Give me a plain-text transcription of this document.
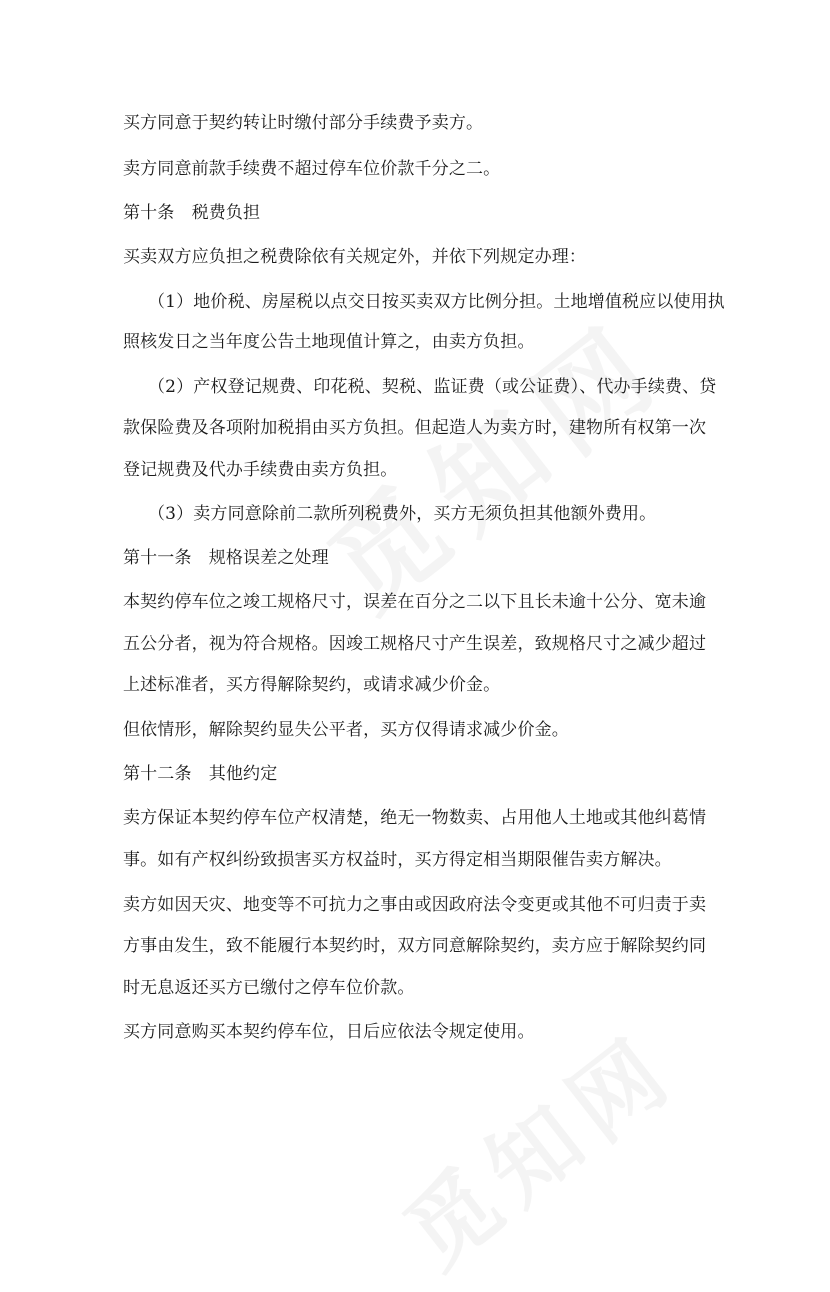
买方同意于契约转让时缴付部分手续费予卖方。
卖方同意前款手续费不超过停车位价款千分之二。
第十条　税费负担
买卖双方应负担之税费除依有关规定外，并依下列规定办理：
（1）地价税、房屋税以点交日按买卖双方比例分担。土地增值税应以使用执
照核发日之当年度公告土地现值计算之，由卖方负担。
（2）产权登记规费、印花税、契税、监证费（或公证费）、代办手续费、贷
款保险费及各项附加税捐由买方负担。但起造人为卖方时，建物所有权第一次
登记规费及代办手续费由卖方负担。
（3）卖方同意除前二款所列税费外，买方无须负担其他额外费用。
第十一条　规格误差之处理
本契约停车位之竣工规格尺寸，误差在百分之二以下且长未逾十公分、宽未逾
五公分者，视为符合规格。因竣工规格尺寸产生误差，致规格尺寸之减少超过
上述标准者，买方得解除契约，或请求减少价金。
但依情形，解除契约显失公平者，买方仅得请求减少价金。
第十二条　其他约定
卖方保证本契约停车位产权清楚，绝无一物数卖、占用他人土地或其他纠葛情
事。如有产权纠纷致损害买方权益时，买方得定相当期限催告卖方解决。
卖方如因天灾、地变等不可抗力之事由或因政府法令变更或其他不可归责于卖
方事由发生，致不能履行本契约时，双方同意解除契约，卖方应于解除契约同
时无息返还买方已缴付之停车位价款。
买方同意购买本契约停车位，日后应依法令规定使用。
